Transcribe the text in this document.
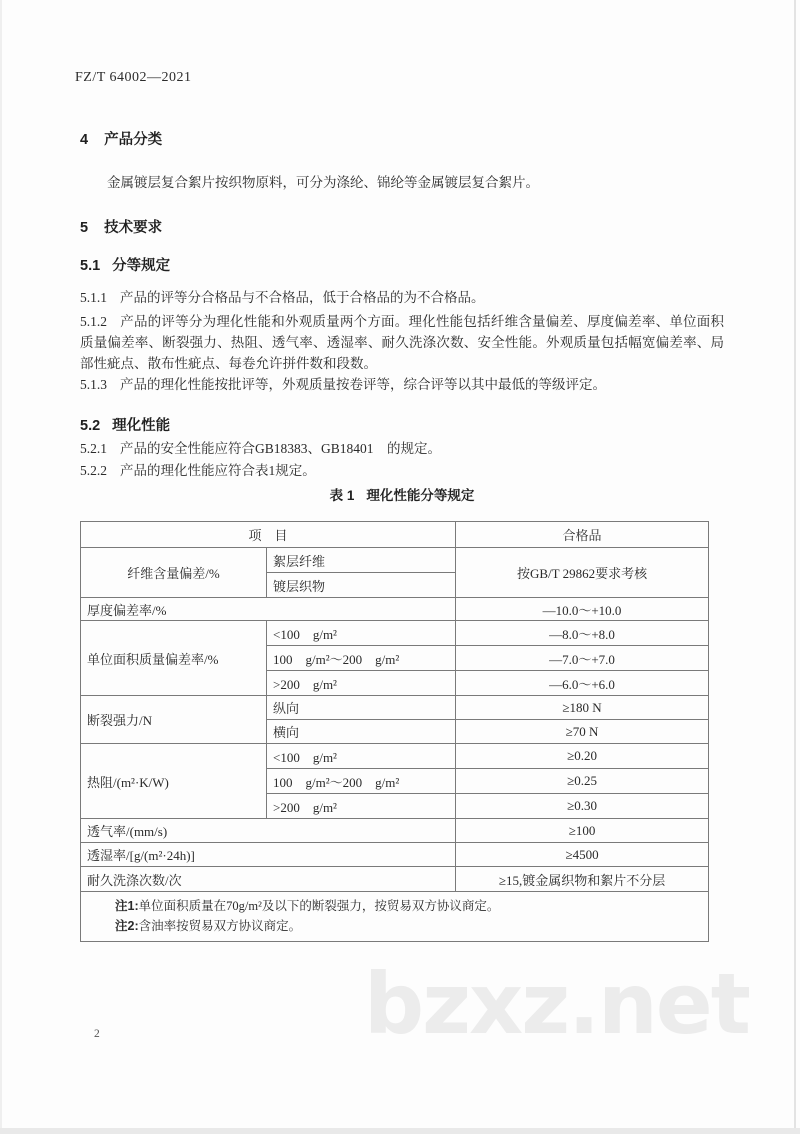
bzxz.net
FZ/T 64002—2021
4 产品分类
金属镀层复合絮片按织物原料，可分为涤纶、锦纶等金属镀层复合絮片。
5 技术要求
5.1 分等规定
5.1.1 产品的评等分合格品与不合格品，低于合格品的为不合格品。
5.1.2 产品的评等分为理化性能和外观质量两个方面。理化性能包括纤维含量偏差、厚度偏差率、单位面积质量偏差率、断裂强力、热阻、透气率、透湿率、耐久洗涤次数、安全性能。外观质量包括幅宽偏差率、局部性疵点、散布性疵点、每卷允许拼件数和段数。
5.1.3 产品的理化性能按批评等，外观质量按卷评等，综合评等以其中最低的等级评定。
5.2 理化性能
5.2.1 产品的安全性能应符合GB18383、GB18401　的规定。
5.2.2 产品的理化性能应符合表1规定。
表 1 理化性能分等规定
项　目		合格品
纤维含量偏差/%	絮层纤维	按GB/T 29862要求考核
	镀层织物	
厚度偏差率/%		—10.0～+10.0
单位面积质量偏差率/%	<100　g/m²	—8.0～+8.0
	100　g/m²～200　g/m²	—7.0～+7.0
	>200　g/m²	—6.0～+6.0
断裂强力/N	纵向	≥180 N
	横向	≥70 N
热阻/(m²·K/W)	<100　g/m²	≥0.20
	100　g/m²～200　g/m²	≥0.25
	>200　g/m²	≥0.30
透气率/(mm/s)		≥100
透湿率/[g/(m²·24h)]		≥4500
耐久洗涤次数/次		≥15,镀金属织物和絮片不分层

注1:单位面积质量在70g/m²及以下的断裂强力，按贸易双方协议商定。
注2:含油率按贸易双方协议商定。		
2
